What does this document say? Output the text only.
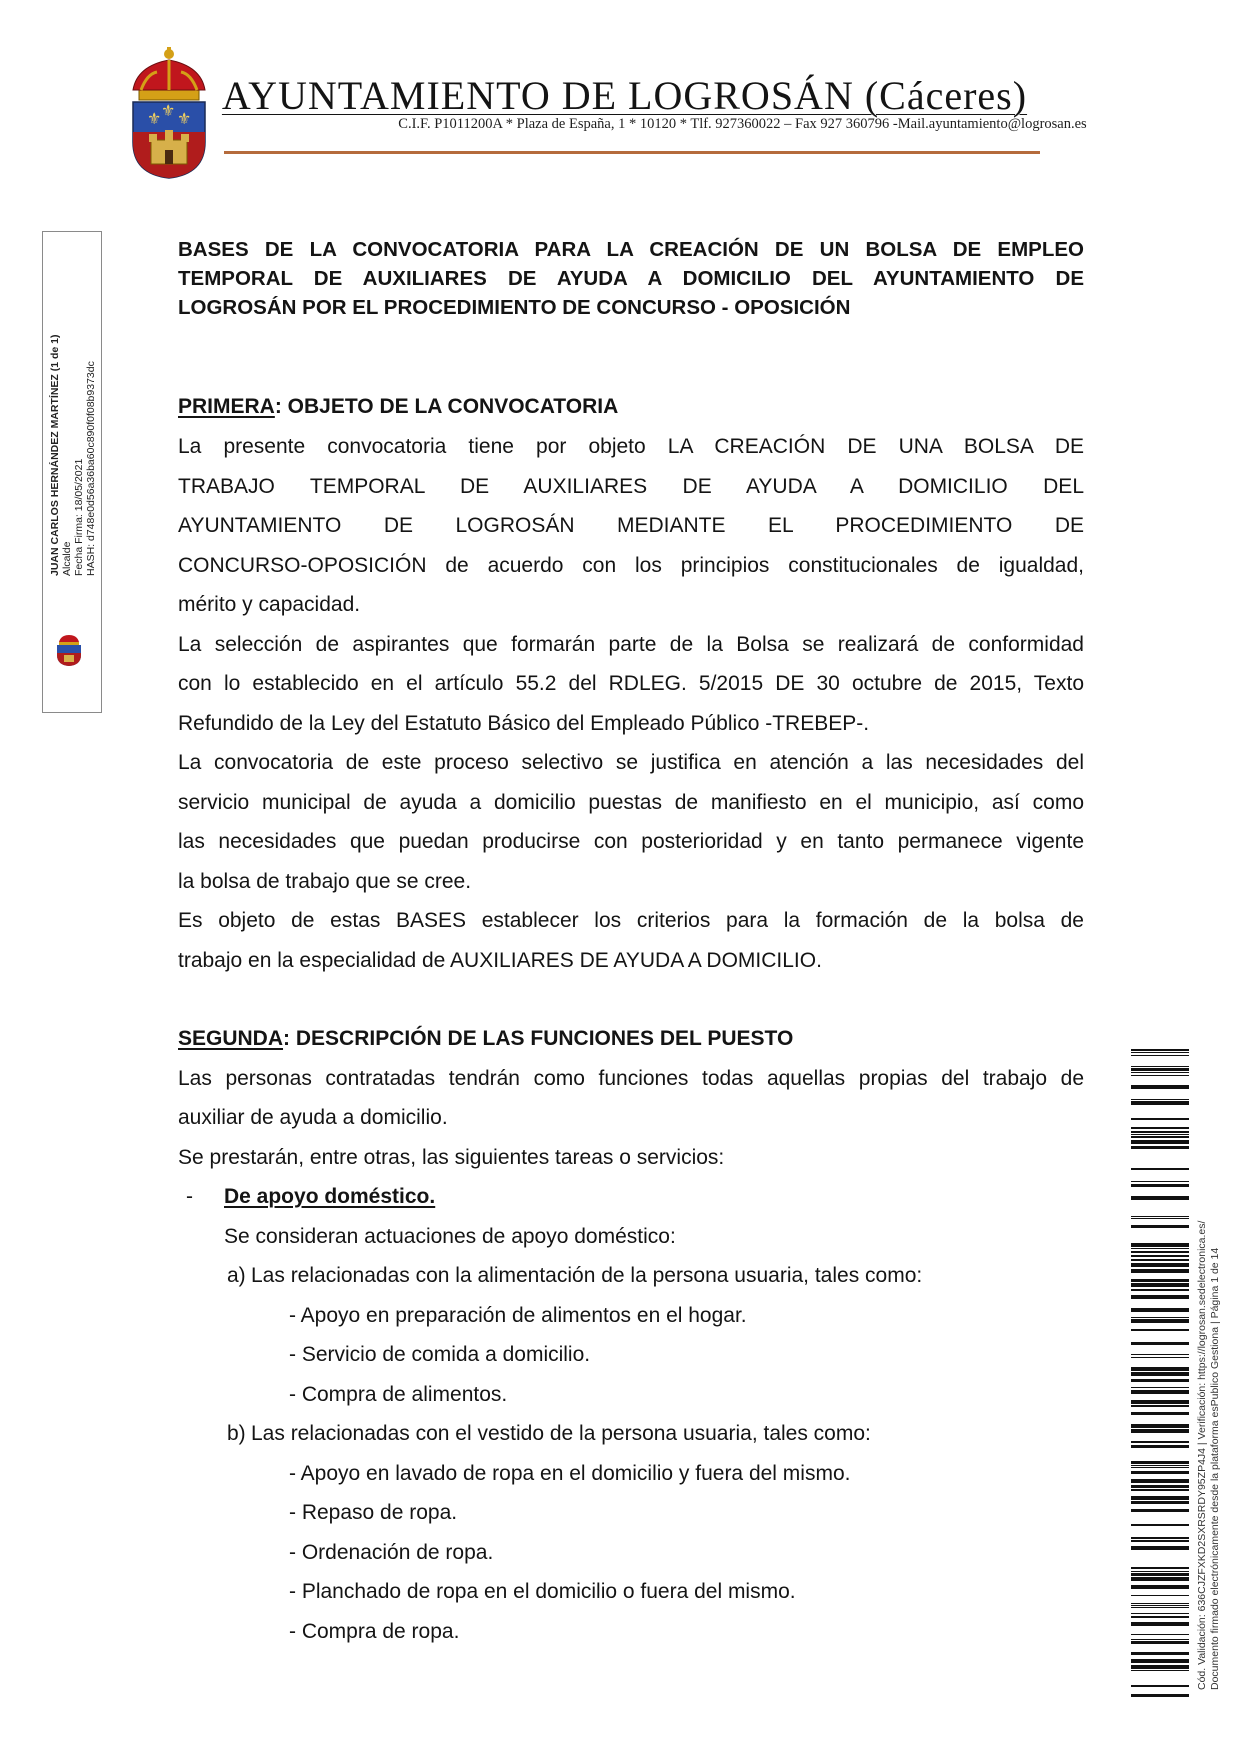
⚜ ⚜ ⚜
AYUNTAMIENTO DE LOGROSÁN (Cáceres)
C.I.F. P1011200A * Plaza de España, 1 * 10120 * Tlf. 927360022 – Fax 927 360796 -Mail.ayuntamiento@logrosan.es
JUAN CARLOS HERNÁNDEZ MARTÍNEZ (1 de 1) Alcalde Fecha Firma: 18/05/2021 HASH: d748e0d56a36ba60c890f0f08b9373dc
Cód. Validación: 636CJZFXKD2SXRSRDY95ZP4J4 | Verificación: https://logrosan.sedelectronica.es/ Documento firmado electrónicamente desde la plataforma esPublico Gestiona | Página 1 de 14
BASES DE LA CONVOCATORIA PARA LA CREACIÓN DE UN BOLSA DE EMPLEO
TEMPORAL DE AUXILIARES DE AYUDA A DOMICILIO DEL AYUNTAMIENTO DE
LOGROSÁN POR EL PROCEDIMIENTO DE CONCURSO - OPOSICIÓN
PRIMERA: OBJETO DE LA CONVOCATORIA
La presente convocatoria tiene por objeto LA CREACIÓN DE UNA BOLSA DE
TRABAJO TEMPORAL DE AUXILIARES DE AYUDA A DOMICILIO DEL
AYUNTAMIENTO DE LOGROSÁN MEDIANTE EL PROCEDIMIENTO DE
CONCURSO-OPOSICIÓN de acuerdo con los principios constitucionales de igualdad,
mérito y capacidad.
La selección de aspirantes que formarán parte de la Bolsa se realizará de conformidad
con lo establecido en el artículo 55.2 del RDLEG. 5/2015 DE 30 octubre de 2015, Texto
Refundido de la Ley del Estatuto Básico del Empleado Público -TREBEP-.
La convocatoria de este proceso selectivo se justifica en atención a las necesidades del
servicio municipal de ayuda a domicilio puestas de manifiesto en el municipio, así como
las necesidades que puedan producirse con posterioridad y en tanto permanece vigente
la bolsa de trabajo que se cree.
Es objeto de estas BASES establecer los criterios para la formación de la bolsa de
trabajo en la especialidad de AUXILIARES DE AYUDA A DOMICILIO.
SEGUNDA: DESCRIPCIÓN DE LAS FUNCIONES DEL PUESTO
Las personas contratadas tendrán como funciones todas aquellas propias del trabajo de
auxiliar de ayuda a domicilio.
Se prestarán, entre otras, las siguientes tareas o servicios:
- De apoyo doméstico.
Se consideran actuaciones de apoyo doméstico:
a) Las relacionadas con la alimentación de la persona usuaria, tales como:
- Apoyo en preparación de alimentos en el hogar.
- Servicio de comida a domicilio.
- Compra de alimentos.
b) Las relacionadas con el vestido de la persona usuaria, tales como:
- Apoyo en lavado de ropa en el domicilio y fuera del mismo.
- Repaso de ropa.
- Ordenación de ropa.
- Planchado de ropa en el domicilio o fuera del mismo.
- Compra de ropa.
